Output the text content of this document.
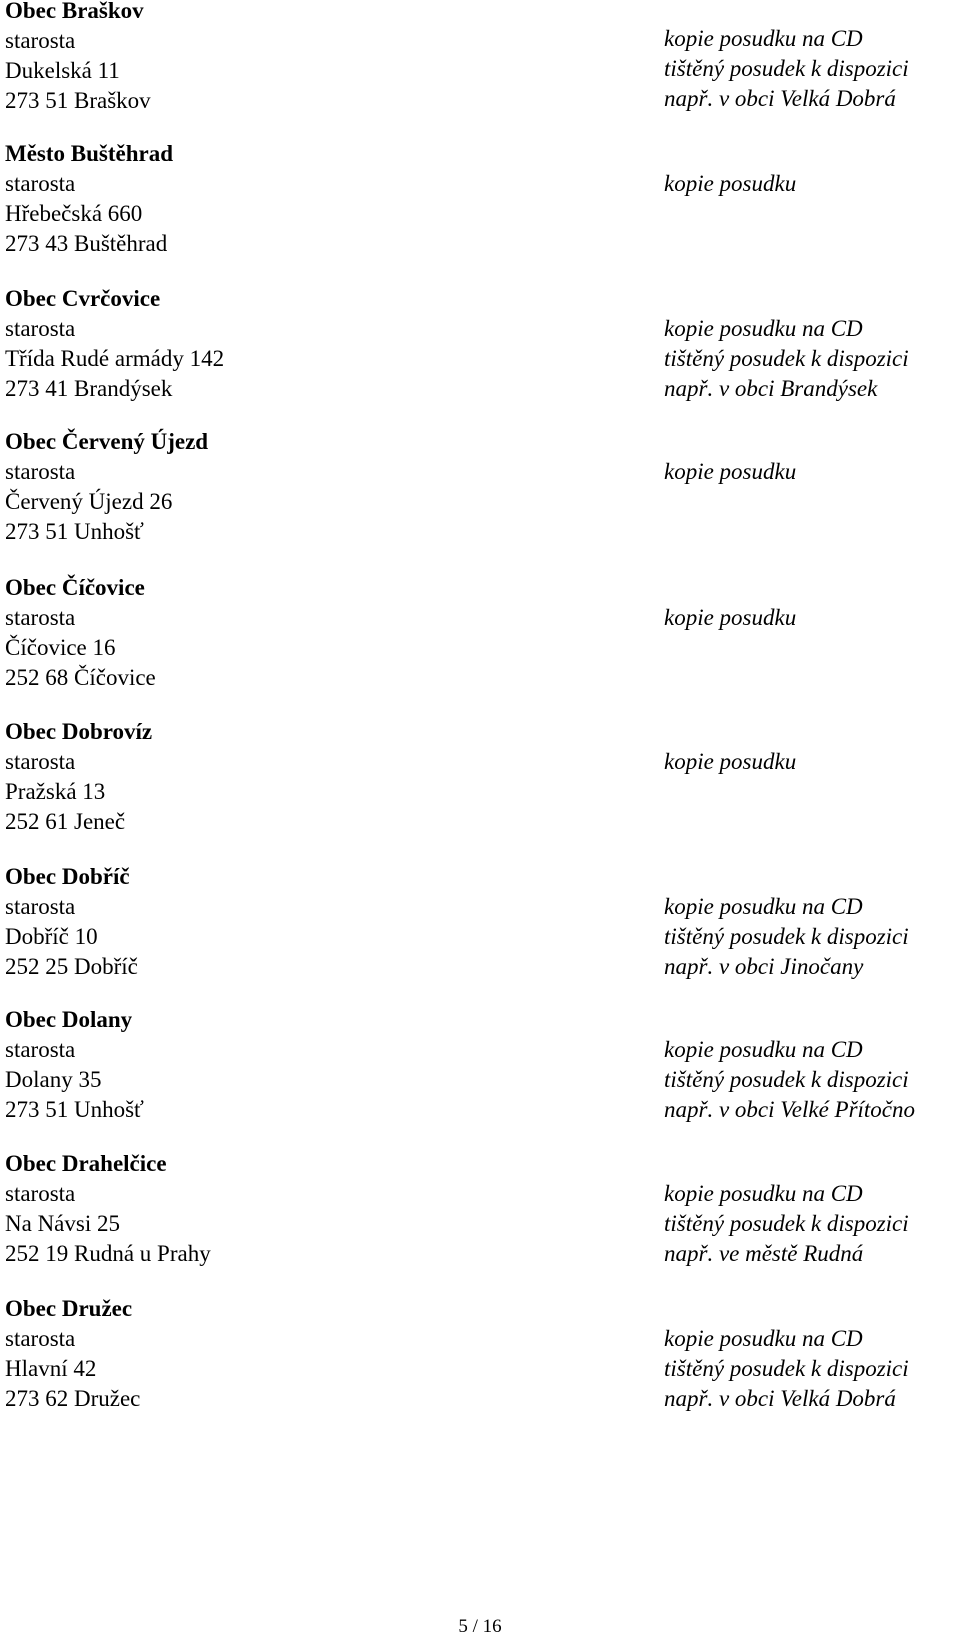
Obec Braškov
starosta
Dukelská 11
273 51 Braškov
kopie posudku na CD
tištěný posudek k dispozici
např. v obci Velká Dobrá
Město Buštěhrad
starosta
Hřebečská 660
273 43 Buštěhrad
kopie posudku
Obec Cvrčovice
starosta
Třída Rudé armády 142
273 41 Brandýsek
kopie posudku na CD
tištěný posudek k dispozici
např. v obci Brandýsek
Obec Červený Újezd
starosta
Červený Újezd 26
273 51 Unhošť
kopie posudku
Obec Číčovice
starosta
Číčovice 16
252 68 Číčovice
kopie posudku
Obec Dobrovíz
starosta
Pražská 13
252 61 Jeneč
kopie posudku
Obec Dobříč
starosta
Dobříč 10
252 25 Dobříč
kopie posudku na CD
tištěný posudek k dispozici
např. v obci Jinočany
Obec Dolany
starosta
Dolany 35
273 51 Unhošť
kopie posudku na CD
tištěný posudek k dispozici
např. v obci Velké Přítočno
Obec Drahelčice
starosta
Na Návsi 25
252 19 Rudná u Prahy
kopie posudku na CD
tištěný posudek k dispozici
např. ve městě Rudná
Obec Družec
starosta
Hlavní 42
273 62 Družec
kopie posudku na CD
tištěný posudek k dispozici
např. v obci Velká Dobrá
5 / 16
